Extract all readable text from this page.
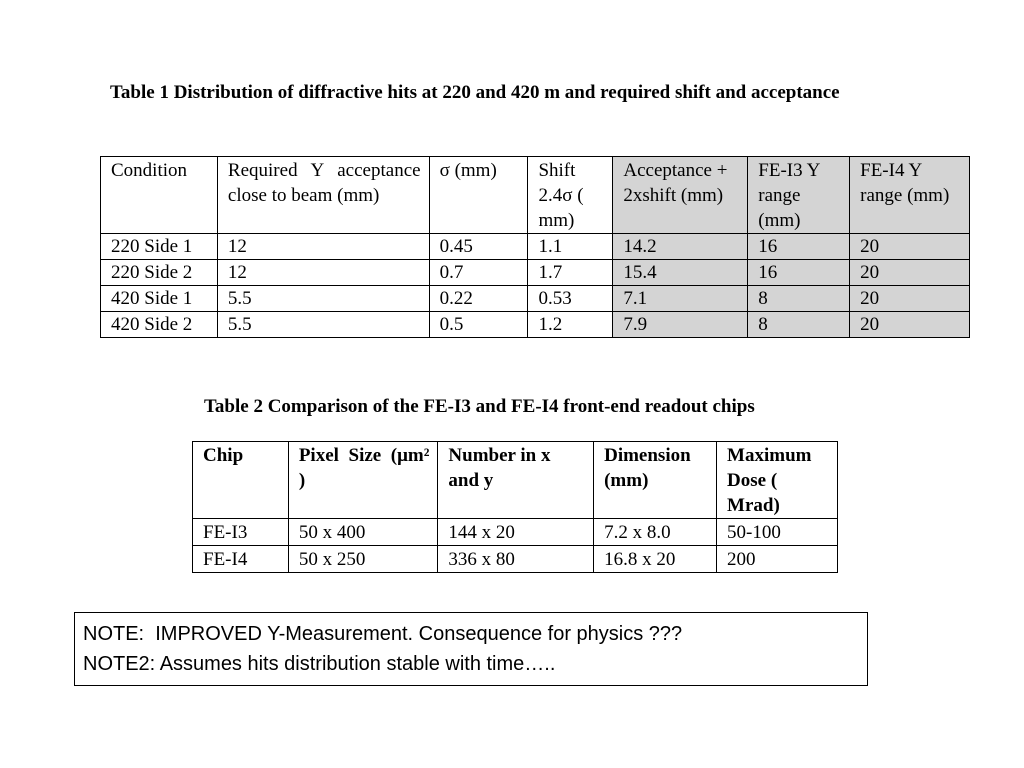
Table 1 Distribution of diffractive hits at 220 and 420 m and required shift and acceptance
Condition	Required Y acceptance close to beam (mm)	σ (mm)	Shift 2.4σ ( mm)	Acceptance + 2xshift (mm)	FE-I3 Y range (mm)	FE-I4 Y range (mm)
220 Side 1	12	0.45	1.1	14.2	16	20
220 Side 2	12	0.7	1.7	15.4	16	20
420 Side 1	5.5	0.22	0.53	7.1	8	20
420 Side 2	5.5	0.5	1.2	7.9	8	20
Table 2 Comparison of the FE-I3 and FE-I4 front-end readout chips
Chip	Pixel Size (μm² )	Number in x and y	Dimension (mm)	Maximum Dose ( Mrad)
FE-I3	50 x 400	144 x 20	7.2 x 8.0	50-100
FE-I4	50 x 250	336 x 80	16.8 x 20	200
NOTE:  IMPROVED Y-Measurement. Consequence for physics ???
NOTE2: Assumes hits distribution stable with time…..
